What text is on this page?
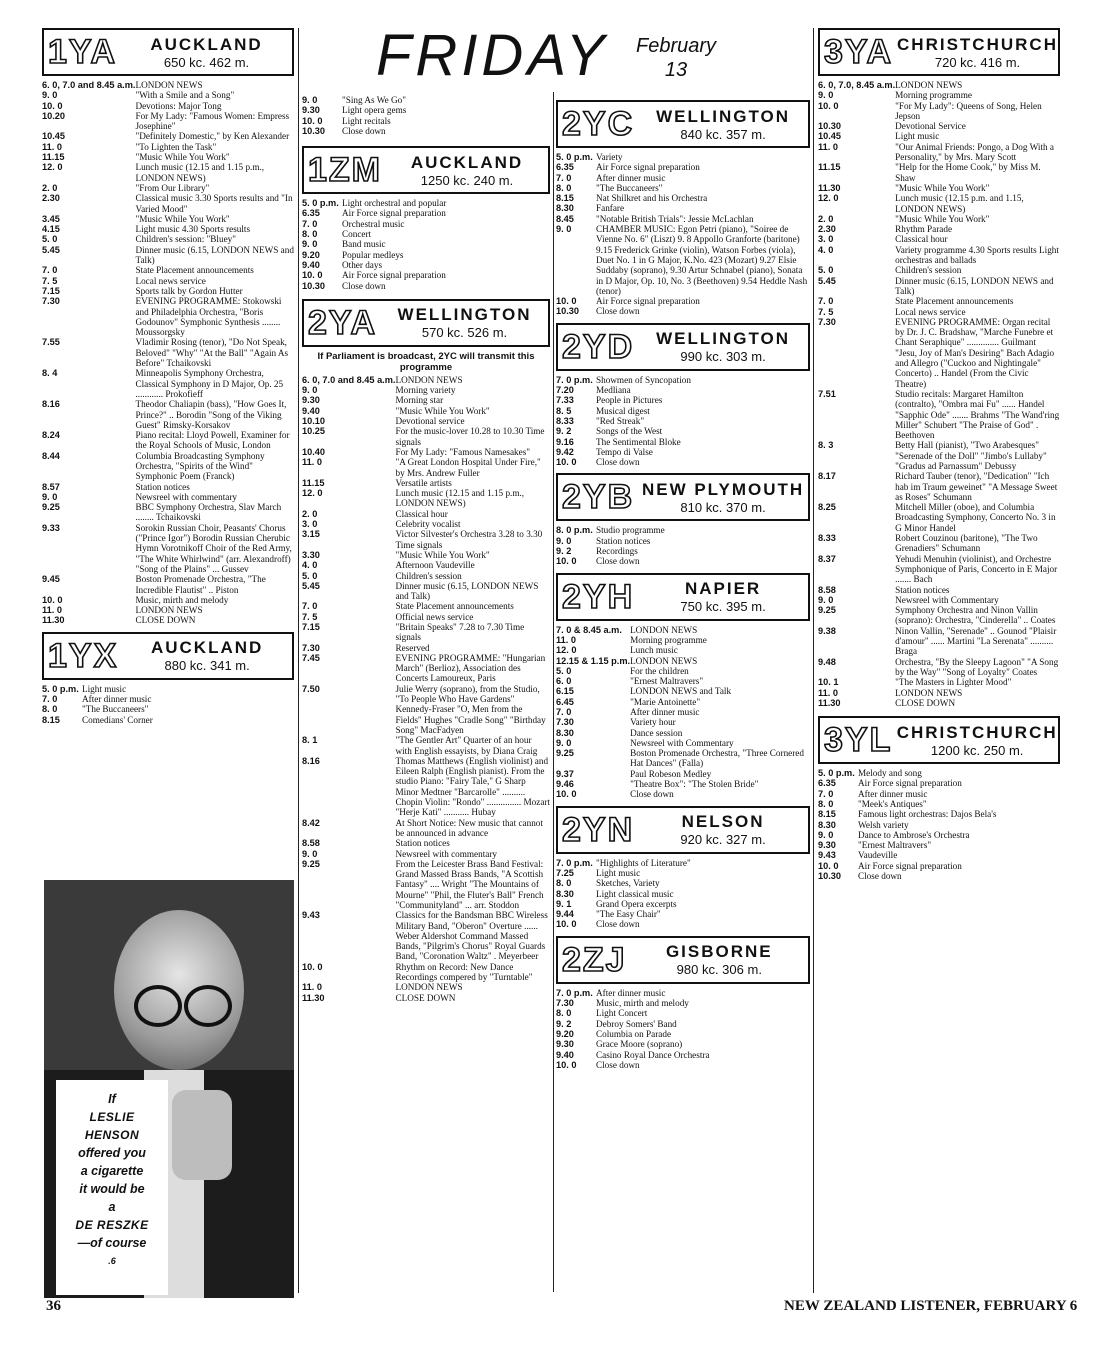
FRIDAY February
13
1YA	AUCKLAND
650 kc. 462 m.
6. 0, 7.0 and 8.45 a.m.	LONDON NEWS
9. 0	"With a Smile and a Song"
10. 0	Devotions: Major Tong
10.20	For My Lady: "Famous Women: Empress Josephine"
10.45	"Definitely Domestic," by Ken Alexander
11. 0	"To Lighten the Task"
11.15	"Music While You Work"
12. 0	Lunch music (12.15 and 1.15 p.m., LONDON NEWS)
2. 0	"From Our Library"
2.30	Classical music 3.30 Sports results and "In Varied Mood"
3.45	"Music While You Work"
4.15	Light music 4.30 Sports results
5. 0	Children's session: "Bluey"
5.45	Dinner music (6.15, LONDON NEWS and Talk)
7. 0	State Placement announcements
7. 5	Local news service
7.15	Sports talk by Gordon Hutter
7.30	EVENING PROGRAMME: Stokowski and Philadelphia Orchestra, "Boris Godounov" Symphonic Synthesis ........ Moussorgsky
7.55	Vladimir Rosing (tenor), "Do Not Speak, Beloved" "Why" "At the Ball" "Again As Before" Tchaikovski
8. 4	Minneapolis Symphony Orchestra, Classical Symphony in D Major, Op. 25 ............ Prokofieff
8.16	Theodor Chaliapin (bass), "How Goes It, Prince?" .. Borodin "Song of the Viking Guest" Rimsky-Korsakov
8.24	Piano recital: Lloyd Powell, Examiner for the Royal Schools of Music, London
8.44	Columbia Broadcasting Symphony Orchestra, "Spirits of the Wind" Symphonic Poem (Franck)
8.57	Station notices
9. 0	Newsreel with commentary
9.25	BBC Symphony Orchestra, Slav March ........ Tchaikovski
9.33	Sorokin Russian Choir, Peasants' Chorus ("Prince Igor") Borodin Russian Cherubic Hymn Vorotnikoff Choir of the Red Army, "The White Whirlwind" (arr. Alexandroff) "Song of the Plains" ... Gussev
9.45	Boston Promenade Orchestra, "The Incredible Flautist" .. Piston
10. 0	Music, mirth and melody
11. 0	LONDON NEWS
11.30	CLOSE DOWN
1YX	AUCKLAND
880 kc. 341 m.
5. 0 p.m.	Light music
7. 0	After dinner music
8. 0	"The Buccaneers"
8.15	Comedians' Corner
9. 0	"Sing As We Go"
9.30	Light opera gems
10. 0	Light recitals
10.30	Close down
1ZM	AUCKLAND
1250 kc. 240 m.
5. 0 p.m.	Light orchestral and popular
6.35	Air Force signal preparation
7. 0	Orchestral music
8. 0	Concert
9. 0	Band music
9.20	Popular medleys
9.40	Other days
10. 0	Air Force signal preparation
10.30	Close down
2YA	WELLINGTON
570 kc. 526 m.
If Parliament is broadcast, 2YC will transmit this programme
6. 0, 7.0 and 8.45 a.m.	LONDON NEWS
9. 0	Morning variety
9.30	Morning star
9.40	"Music While You Work"
10.10	Devotional service
10.25	For the music-lover 10.28 to 10.30 Time signals
10.40	For My Lady: "Famous Namesakes"
11. 0	"A Great London Hospital Under Fire," by Mrs. Andrew Fuller
11.15	Versatile artists
12. 0	Lunch music (12.15 and 1.15 p.m., LONDON NEWS)
2. 0	Classical hour
3. 0	Celebrity vocalist
3.15	Victor Silvester's Orchestra 3.28 to 3.30 Time signals
3.30	"Music While You Work"
4. 0	Afternoon Vaudeville
5. 0	Children's session
5.45	Dinner music (6.15, LONDON NEWS and Talk)
7. 0	State Placement announcements
7. 5	Official news service
7.15	"Britain Speaks" 7.28 to 7.30 Time signals
7.30	Reserved
7.45	EVENING PROGRAMME: "Hungarian March" (Berlioz), Association des Concerts Lamoureux, Paris
7.50	Julie Werry (soprano), from the Studio, "To People Who Have Gardens" Kennedy-Fraser "O, Men from the Fields" Hughes "Cradle Song" "Birthday Song" MacFadyen
8. 1	"The Gentler Art" Quarter of an hour with English essayists, by Diana Craig
8.16	Thomas Matthews (English violinist) and Eileen Ralph (English pianist). From the studio Piano: "Fairy Tale," G Sharp Minor Medtner "Barcarolle" .......... Chopin Violin: "Rondo" ............... Mozart "Herje Kati" ........... Hubay
8.42	At Short Notice: New music that cannot be announced in advance
8.58	Station notices
9. 0	Newsreel with commentary
9.25	From the Leicester Brass Band Festival: Grand Massed Brass Bands, "A Scottish Fantasy" .... Wright "The Mountains of Mourne" "Phil, the Fluter's Ball" French "Communityland" ... arr. Stoddon
9.43	Classics for the Bandsman BBC Wireless Military Band, "Oberon" Overture ...... Weber Aldershot Command Massed Bands, "Pilgrim's Chorus" Royal Guards Band, "Coronation Waltz" . Meyerbeer
10. 0	Rhythm on Record: New Dance Recordings compered by "Turntable"
11. 0	LONDON NEWS
11.30	CLOSE DOWN
2YC	WELLINGTON
840 kc. 357 m.
5. 0 p.m.	Variety
6.35	Air Force signal preparation
7. 0	After dinner music
8. 0	"The Buccaneers"
8.15	Nat Shilkret and his Orchestra
8.30	Fanfare
8.45	"Notable British Trials": Jessie McLachlan
9. 0	CHAMBER MUSIC: Egon Petri (piano), "Soiree de Vienne No. 6" (Liszt) 9. 8 Appollo Granforte (baritone) 9.15 Frederick Grinke (violin), Watson Forbes (viola), Duet No. 1 in G Major, K.No. 423 (Mozart) 9.27 Elsie Suddaby (soprano), 9.30 Artur Schnabel (piano), Sonata in D Major, Op. 10, No. 3 (Beethoven) 9.54 Heddle Nash (tenor)
10. 0	Air Force signal preparation
10.30	Close down
2YD	WELLINGTON
990 kc. 303 m.
7. 0 p.m.	Showmen of Syncopation
7.20	Medliana
7.33	People in Pictures
8. 5	Musical digest
8.33	"Red Streak"
9. 2	Songs of the West
9.16	The Sentimental Bloke
9.42	Tempo di Valse
10. 0	Close down
2YB NEW PLYMOUTH
810 kc. 370 m.
8. 0 p.m.	Studio programme
9. 0	Station notices
9. 2	Recordings
10. 0	Close down
2YH	NAPIER
750 kc. 395 m.
7. 0 & 8.45 a.m.	LONDON NEWS
11. 0	Morning programme
12. 0	Lunch music
12.15 & 1.15 p.m.	LONDON NEWS
5. 0	For the children
6. 0	"Ernest Maltravers"
6.15	LONDON NEWS and Talk
6.45	"Marie Antoinette"
7. 0	After dinner music
7.30	Variety hour
8.30	Dance session
9. 0	Newsreel with Commentary
9.25	Boston Promenade Orchestra, "Three Cornered Hat Dances" (Falla)
9.37	Paul Robeson Medley
9.46	"Theatre Box": "The Stolen Bride"
10. 0	Close down
2YN	NELSON
920 kc. 327 m.
7. 0 p.m.	"Highlights of Literature"
7.25	Light music
8. 0	Sketches, Variety
8.30	Light classical music
9. 1	Grand Opera excerpts
9.44	"The Easy Chair"
10. 0	Close down
2ZJ	GISBORNE
980 kc. 306 m.
7. 0 p.m.	After dinner music
7.30	Music, mirth and melody
8. 0	Light Concert
9. 2	Debroy Somers' Band
9.20	Columbia on Parade
9.30	Grace Moore (soprano)
9.40	Casino Royal Dance Orchestra
10. 0	Close down
3YA CHRISTCHURCH
720 kc. 416 m.
6. 0, 7.0, 8.45 a.m.	LONDON NEWS
9. 0	Morning programme
10. 0	"For My Lady": Queens of Song, Helen Jepson
10.30	Devotional Service
10.45	Light music
11. 0	"Our Animal Friends: Pongo, a Dog With a Personality," by Mrs. Mary Scott
11.15	"Help for the Home Cook," by Miss M. Shaw
11.30	"Music While You Work"
12. 0	Lunch music (12.15 p.m. and 1.15, LONDON NEWS)
2. 0	"Music While You Work"
2.30	Rhythm Parade
3. 0	Classical hour
4. 0	Variety programme 4.30 Sports results Light orchestras and ballads
5. 0	Children's session
5.45	Dinner music (6.15, LONDON NEWS and Talk)
7. 0	State Placement announcements
7. 5	Local news service
7.30	EVENING PROGRAMME: Organ recital by Dr. J. C. Bradshaw, "Marche Funebre et Chant Seraphique" .............. Guilmant "Jesu, Joy of Man's Desiring" Bach Adagio and Allegro ("Cuckoo and Nightingale" Concerto) .. Handel (From the Civic Theatre)
7.51	Studio recitals: Margaret Hamilton (contralto), "Ombra mai Fu" ...... Handel "Sapphic Ode" ....... Brahms "The Wand'ring Miller" Schubert "The Praise of God" . Beethoven
8. 3	Betty Hall (pianist), "Two Arabesques" "Serenade of the Doll" "Jimbo's Lullaby" "Gradus ad Parnassum" Debussy
8.17	Richard Tauber (tenor), "Dedication" "Ich hab im Traum geweinet" "A Message Sweet as Roses" Schumann
8.25	Mitchell Miller (oboe), and Columbia Broadcasting Symphony, Concerto No. 3 in G Minor Handel
8.33	Robert Couzinou (baritone), "The Two Grenadiers" Schumann
8.37	Yehudi Menuhin (violinist), and Orchestre Symphonique of Paris, Concerto in E Major ....... Bach
8.58	Station notices
9. 0	Newsreel with Commentary
9.25	Symphony Orchestra and Ninon Vallin (soprano): Orchestra, "Cinderella" .. Coates
9.38	Ninon Vallin, "Serenade" .. Gounod "Plaisir d'amour" ...... Martini "La Serenata" .......... Braga
9.48	Orchestra, "By the Sleepy Lagoon" "A Song by the Way" "Song of Loyalty" Coates
10. 1	"The Masters in Lighter Mood"
11. 0	LONDON NEWS
11.30	CLOSE DOWN
3YL CHRISTCHURCH
1200 kc. 250 m.
5. 0 p.m.	Melody and song
6.35	Air Force signal preparation
7. 0	After dinner music
8. 0	"Meek's Antiques"
8.15	Famous light orchestras: Dajos Bela's
8.30	Welsh variety
9. 0	Dance to Ambrose's Orchestra
9.30	"Ernest Maltravers"
9.43	Vaudeville
10. 0	Air Force signal preparation
10.30	Close down
If
LESLIE
HENSON
offered you
a cigarette
it would be
a
DE RESZKE
—of course
.6
36	NEW ZEALAND LISTENER, FEBRUARY 6
